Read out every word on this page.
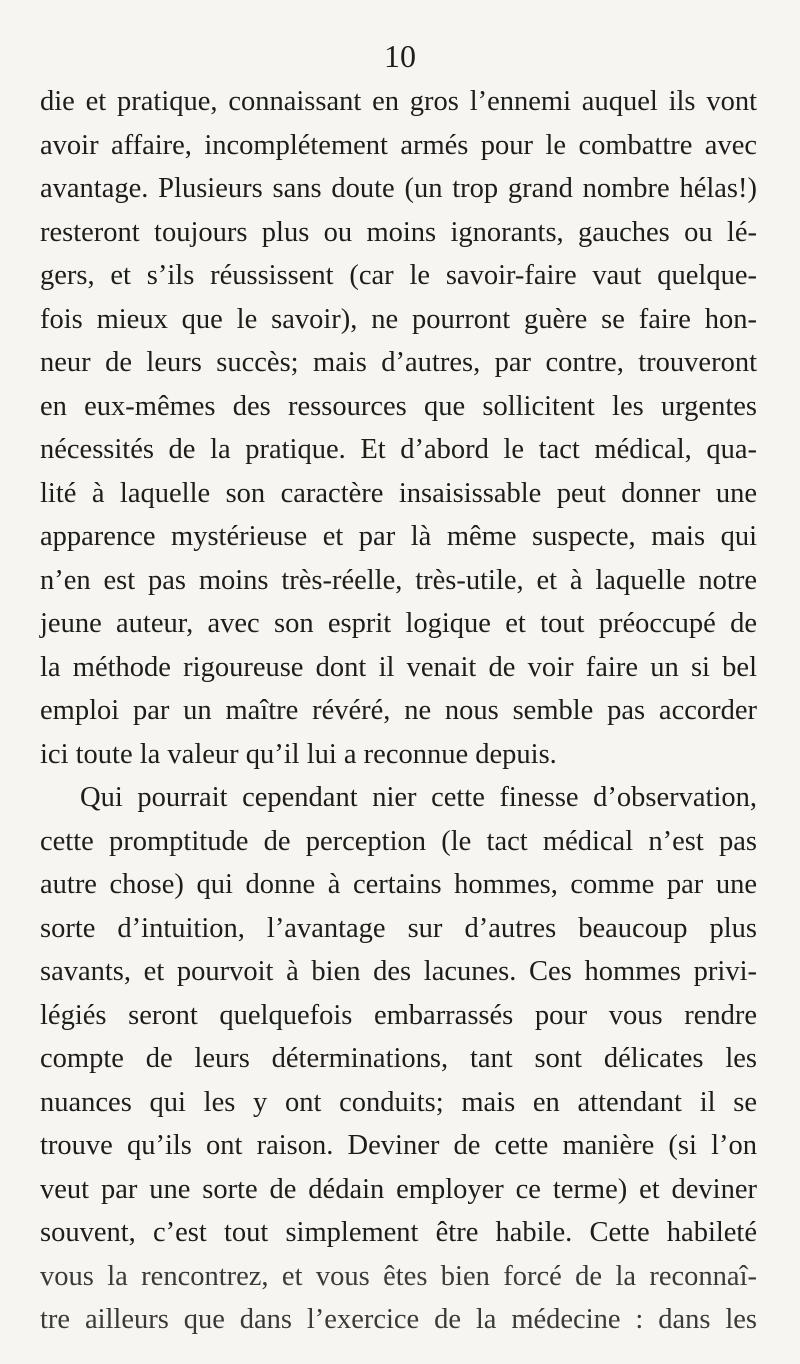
10
die et pratique, connaissant en gros l’ennemi auquel ils vont
avoir affaire, incomplétement armés pour le combattre avec
avantage. Plusieurs sans doute (un trop grand nombre hélas!)
resteront toujours plus ou moins ignorants, gauches ou lé-
gers, et s’ils réussissent (car le savoir-faire vaut quelque-
fois mieux que le savoir), ne pourront guère se faire hon-
neur de leurs succès; mais d’autres, par contre, trouveront
en eux-mêmes des ressources que sollicitent les urgentes
nécessités de la pratique. Et d’abord le tact médical, qua-
lité à laquelle son caractère insaisissable peut donner une
apparence mystérieuse et par là même suspecte, mais qui
n’en est pas moins très-réelle, très-utile, et à laquelle notre
jeune auteur, avec son esprit logique et tout préoccupé de
la méthode rigoureuse dont il venait de voir faire un si bel
emploi par un maître révéré, ne nous semble pas accorder
ici toute la valeur qu’il lui a reconnue depuis.
Qui pourrait cependant nier cette finesse d’observation,
cette promptitude de perception (le tact médical n’est pas
autre chose) qui donne à certains hommes, comme par une
sorte d’intuition, l’avantage sur d’autres beaucoup plus
savants, et pourvoit à bien des lacunes. Ces hommes privi-
légiés seront quelquefois embarrassés pour vous rendre
compte de leurs déterminations, tant sont délicates les
nuances qui les y ont conduits; mais en attendant il se
trouve qu’ils ont raison. Deviner de cette manière (si l’on
veut par une sorte de dédain employer ce terme) et deviner
souvent, c’est tout simplement être habile. Cette habileté
vous la rencontrez, et vous êtes bien forcé de la reconnaî-
tre ailleurs que dans l’exercice de la médecine : dans les
